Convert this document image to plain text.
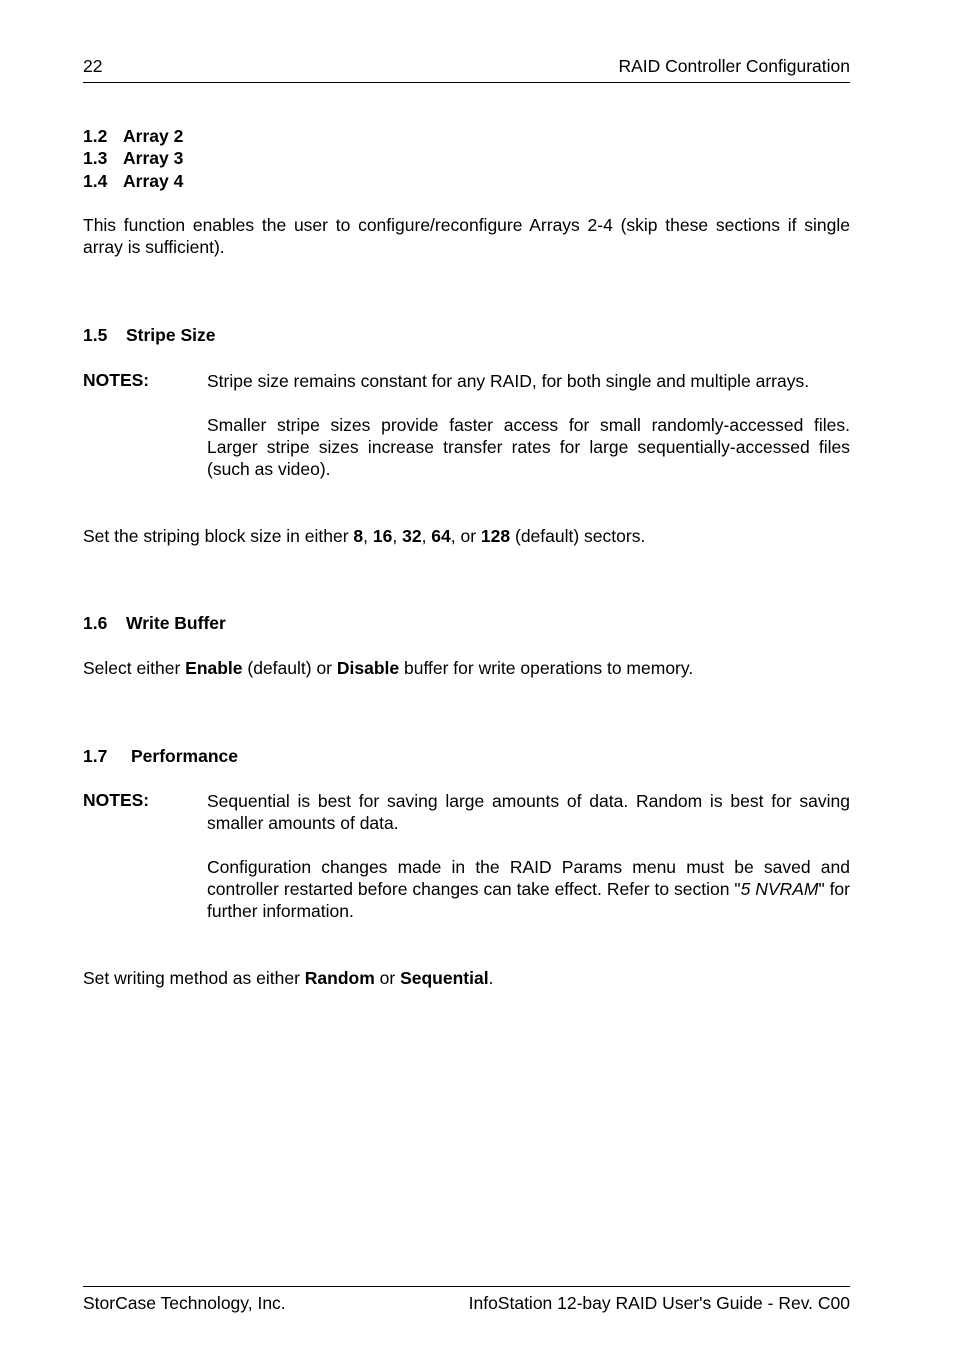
22	RAID Controller Configuration
1.2 Array 2
1.3 Array 3
1.4 Array 4
This function enables the user to configure/reconfigure Arrays 2-4 (skip these sections if single array is sufficient).
1.5 Stripe Size
NOTES:	Stripe size remains constant for any RAID, for both single and multiple arrays.
Smaller stripe sizes provide faster access for small randomly-accessed files. Larger stripe sizes increase transfer rates for large sequentially-accessed files (such as video).
Set the striping block size in either 8, 16, 32, 64, or 128 (default) sectors.
1.6 Write Buffer
Select either Enable (default) or Disable buffer for write operations to memory.
1.7 Performance
NOTES:	Sequential is best for saving large amounts of data. Random is best for saving smaller amounts of data.
Configuration changes made in the RAID Params menu must be saved and controller restarted before changes can take effect. Refer to section "5 NVRAM" for further information.
Set writing method as either Random or Sequential.
StorCase Technology, Inc.	InfoStation 12-bay RAID User's Guide - Rev. C00
